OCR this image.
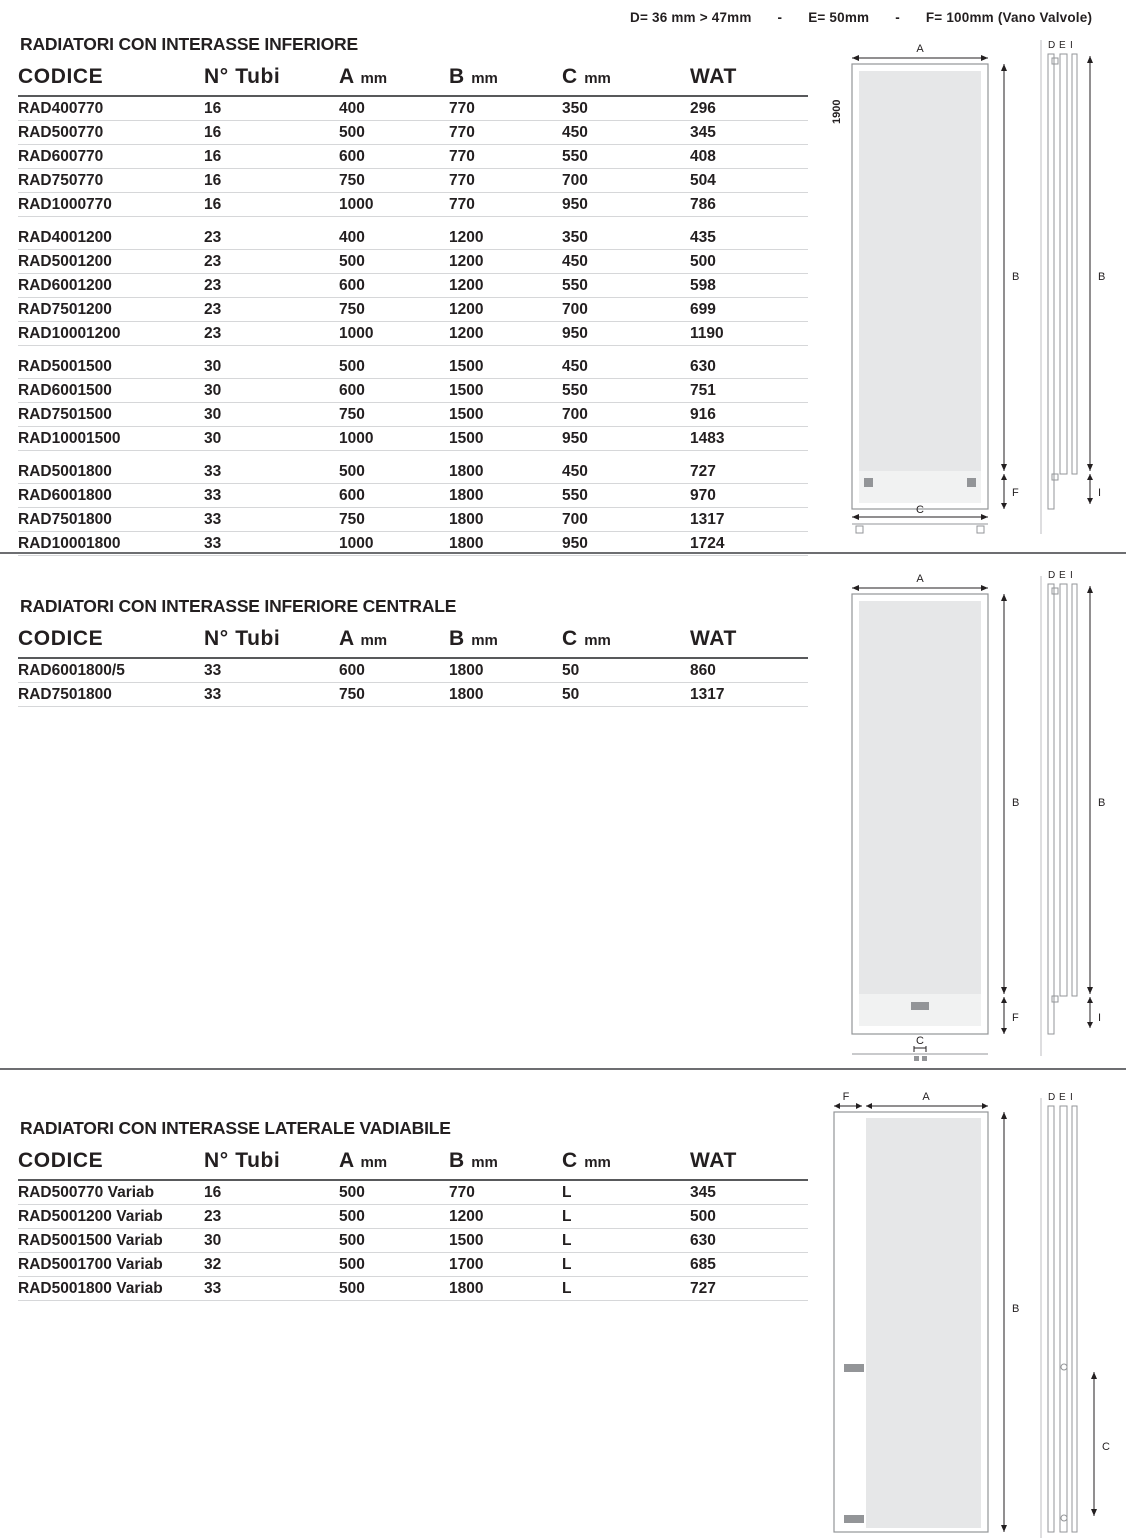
D= 36 mm > 47mm - E= 50mm - F= 100mm (Vano Valvole)
RADIATORI CON INTERASSE INFERIORE
CODICE	N° Tubi	A mm	B mm	C mm	WAT
RAD400770	16	400	770	350	296
RAD500770	16	500	770	450	345
RAD600770	16	600	770	550	408
RAD750770	16	750	770	700	504
RAD1000770	16	1000	770	950	786
RAD4001200	23	400	1200	350	435
RAD5001200	23	500	1200	450	500
RAD6001200	23	600	1200	550	598
RAD7501200	23	750	1200	700	699
RAD10001200	23	1000	1200	950	1190
RAD5001500	30	500	1500	450	630
RAD6001500	30	600	1500	550	751
RAD7501500	30	750	1500	700	916
RAD10001500	30	1000	1500	950	1483
RAD5001800	33	500	1800	450	727
RAD6001800	33	600	1800	550	970
RAD7501800	33	750	1800	700	1317
RAD10001800	33	1000	1800	950	1724
1900
A
B
F
C
D E I
B
I
RADIATORI CON INTERASSE INFERIORE CENTRALE
CODICE	N° Tubi	A mm	B mm	C mm	WAT
RAD6001800/5	33	600	1800	50	860
RAD7501800	33	750	1800	50	1317
A
B
F
C
D E I
B
I
RADIATORI CON INTERASSE LATERALE VADIABILE
CODICE	N° Tubi	A mm	B mm	C mm	WAT
RAD500770 Variab	16	500	770	L	345
RAD5001200 Variab	23	500	1200	L	500
RAD5001500 Variab	30	500	1500	L	630
RAD5001700 Variab	32	500	1700	L	685
RAD5001800 Variab	33	500	1800	L	727
F	A
B
D E I
C
